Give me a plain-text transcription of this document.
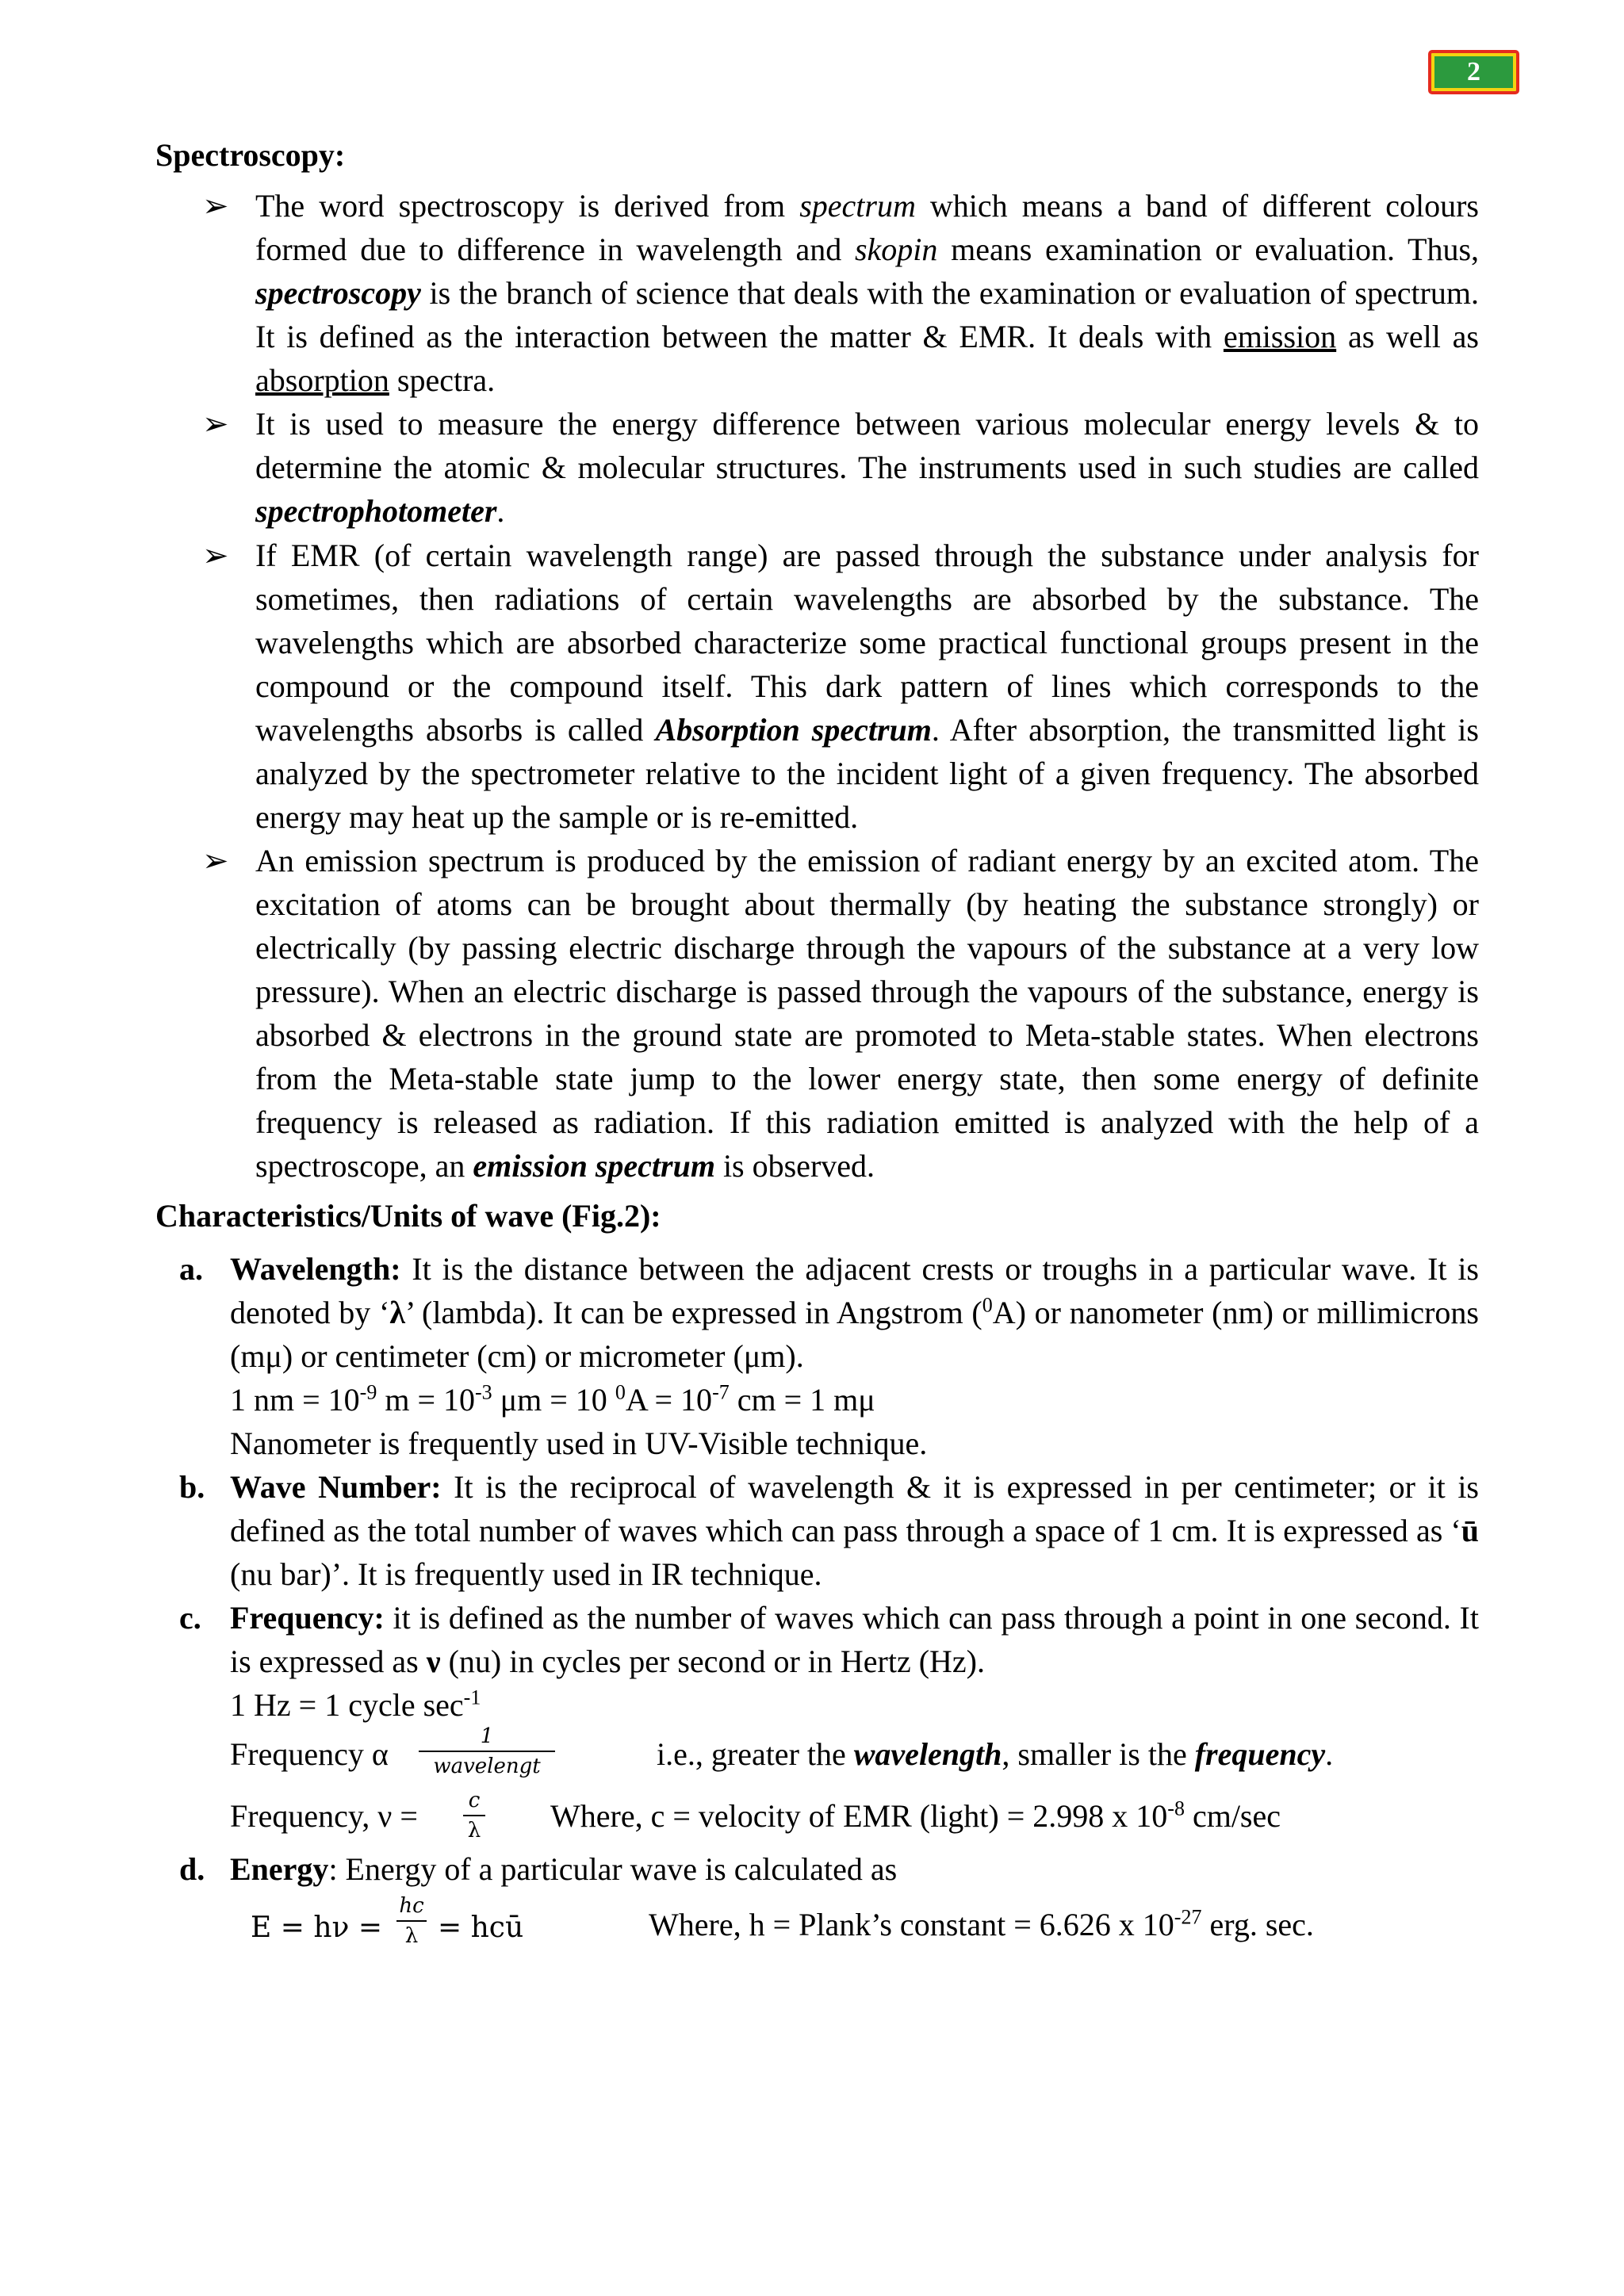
2
Spectroscopy:
➢ The word spectroscopy is derived from spectrum which means a band of different colours formed due to difference in wavelength and skopin means examination or evaluation. Thus, spectroscopy is the branch of science that deals with the examination or evaluation of spectrum. It is defined as the interaction between the matter & EMR. It deals with emission as well as absorption spectra.
➢ It is used to measure the energy difference between various molecular energy levels & to determine the atomic & molecular structures. The instruments used in such studies are called spectrophotometer.
➢ If EMR (of certain wavelength range) are passed through the substance under analysis for sometimes, then radiations of certain wavelengths are absorbed by the substance. The wavelengths which are absorbed characterize some practical functional groups present in the compound or the compound itself. This dark pattern of lines which corresponds to the wavelengths absorbs is called Absorption spectrum. After absorption, the transmitted light is analyzed by the spectrometer relative to the incident light of a given frequency. The absorbed energy may heat up the sample or is re-emitted.
➢ An emission spectrum is produced by the emission of radiant energy by an excited atom. The excitation of atoms can be brought about thermally (by heating the substance strongly) or electrically (by passing electric discharge through the vapours of the substance at a very low pressure). When an electric discharge is passed through the vapours of the substance, energy is absorbed & electrons in the ground state are promoted to Meta-stable states. When electrons from the Meta-stable state jump to the lower energy state, then some energy of definite frequency is released as radiation. If this radiation emitted is analyzed with the help of a spectroscope, an emission spectrum is observed.
Characteristics/Units of wave (Fig.2):
a. Wavelength: It is the distance between the adjacent crests or troughs in a particular wave. It is denoted by ‘λ’ (lambda). It can be expressed in Angstrom ($^0$A) or nanometer (nm) or millimicrons (mμ) or centimeter (cm) or micrometer (μm).
1 nm = $10^{-9}$ $m = 10^{-3}$ μm = 10 $^0A = 10^{-7}$ cm = 1 mμ
Nanometer is frequently used in UV-Visible technique.
b. Wave Number: It is the reciprocal of wavelength & it is expressed in per centimeter; or it is defined as the total number of waves which can pass through a space of 1 cm. It is expressed as ‘ū (nu bar)’. It is frequently used in IR technique.
c. Frequency: it is defined as the number of waves which can pass through a point in one second. It is expressed as ν (nu) in cycles per second or in Hertz (Hz).
1 Hz = 1 cycle $\sec^{-1}$
Frequency α	1
wavelengt	i.e., greater the wavelength, smaller is the frequency.
Frequency, ν = c
λ Where, c = velocity of EMR (light) = 2.998 x $10^{-8}$ cm/sec
d. Energy: Energy of a particular wave is calculated as
E = hν =
hc
λ = hcū	Where, h = Plank’s constant = 6.626 x $10^{-27}$ erg. sec.
